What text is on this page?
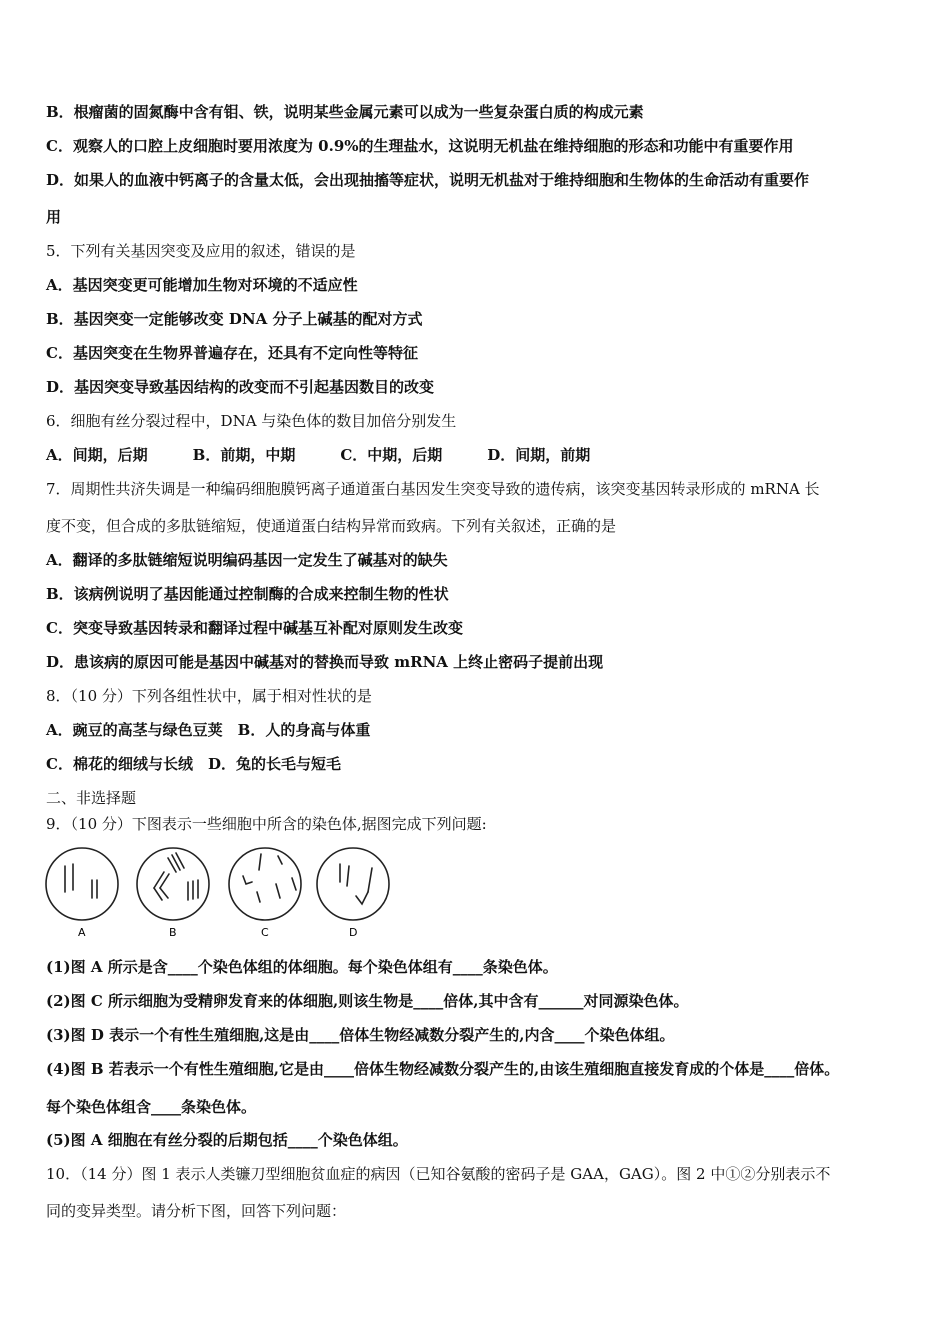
B．根瘤菌的固氮酶中含有钼、铁，说明某些金属元素可以成为一些复杂蛋白质的构成元素
C．观察人的口腔上皮细胞时要用浓度为 0.9%的生理盐水，这说明无机盐在维持细胞的形态和功能中有重要作用
D．如果人的血液中钙离子的含量太低，会出现抽搐等症状，说明无机盐对于维持细胞和生物体的生命活动有重要作
用
5．下列有关基因突变及应用的叙述，错误的是
A．基因突变更可能增加生物对环境的不适应性
B．基因突变一定能够改变 DNA 分子上碱基的配对方式
C．基因突变在生物界普遍存在，还具有不定向性等特征
D．基因突变导致基因结构的改变而不引起基因数目的改变
6．细胞有丝分裂过程中，DNA 与染色体的数目加倍分别发生
A．间期，后期　　　B．前期，中期　　　C．中期，后期　　　D．间期，前期
7．周期性共济失调是一种编码细胞膜钙离子通道蛋白基因发生突变导致的遗传病，该突变基因转录形成的 mRNA 长
度不变，但合成的多肽链缩短，使通道蛋白结构异常而致病。下列有关叙述，正确的是
A．翻译的多肽链缩短说明编码基因一定发生了碱基对的缺失
B．该病例说明了基因能通过控制酶的合成来控制生物的性状
C．突变导致基因转录和翻译过程中碱基互补配对原则发生改变
D．患该病的原因可能是基因中碱基对的替换而导致 mRNA 上终止密码子提前出现
8．（10 分）下列各组性状中，属于相对性状的是
A．豌豆的高茎与绿色豆荚　B．人的身高与体重
C．棉花的细绒与长绒　D．兔的长毛与短毛
二、非选择题
9．（10 分）下图表示一些细胞中所含的染色体,据图完成下列问题:
A	B	C	D
(1)图 A 所示是含____个染色体组的体细胞。每个染色体组有____条染色体。
(2)图 C 所示细胞为受精卵发育来的体细胞,则该生物是____倍体,其中含有______对同源染色体。
(3)图 D 表示一个有性生殖细胞,这是由____倍体生物经减数分裂产生的,内含____个染色体组。
(4)图 B 若表示一个有性生殖细胞,它是由____倍体生物经减数分裂产生的,由该生殖细胞直接发育成的个体是____倍体。
每个染色体组含____条染色体。
(5)图 A 细胞在有丝分裂的后期包括____个染色体组。
10．（14 分）图 1 表示人类镰刀型细胞贫血症的病因（已知谷氨酸的密码子是 GAA，GAG）。图 2 中①②分别表示不
同的变异类型。请分析下图，回答下列问题：
